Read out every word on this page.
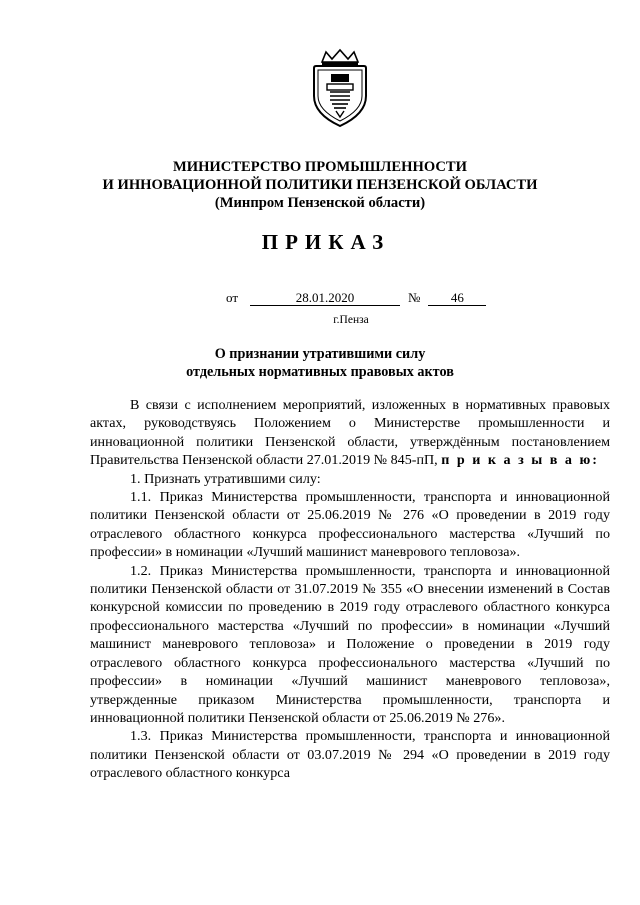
МИНИСТЕРСТВО ПРОМЫШЛЕННОСТИ
И ИННОВАЦИОННОЙ ПОЛИТИКИ ПЕНЗЕНСКОЙ ОБЛАСТИ
(Минпром Пензенской области)
ПРИКАЗ
от	28.01.2020	№ 46
г.Пенза
О признании утратившими силу
отдельных нормативных правовых актов

В связи с исполнением мероприятий, изложенных в нормативных правовых актах, руководствуясь Положением о Министерстве промышленности и инновационной политики Пензенской области, утверждённым постановлением Правительства Пензенской области 27.01.2019 № 845-пП, п р и к а з ы в а ю:

1. Признать утратившими силу:

1.1. Приказ Министерства промышленности, транспорта и инновационной политики Пензенской области от 25.06.2019 № 276 «О проведении в 2019 году отраслевого областного конкурса профессионального мастерства «Лучший по профессии» в номинации «Лучший машинист маневрового тепловоза».

1.2. Приказ Министерства промышленности, транспорта и инновационной политики Пензенской области от 31.07.2019 № 355 «О внесении изменений в Состав конкурсной комиссии по проведению в 2019 году отраслевого областного конкурса профессионального мастерства «Лучший по профессии» в номинации «Лучший машинист маневрового тепловоза» и Положение о проведении в 2019 году отраслевого областного конкурса профессионального мастерства «Лучший по профессии» в номинации «Лучший машинист маневрового тепловоза», утвержденные приказом Министерства промышленности, транспорта и инновационной политики Пензенской области от 25.06.2019 № 276».

1.3. Приказ Министерства промышленности, транспорта и инновационной политики Пензенской области от 03.07.2019 № 294 «О проведении в 2019 году отраслевого областного конкурса
